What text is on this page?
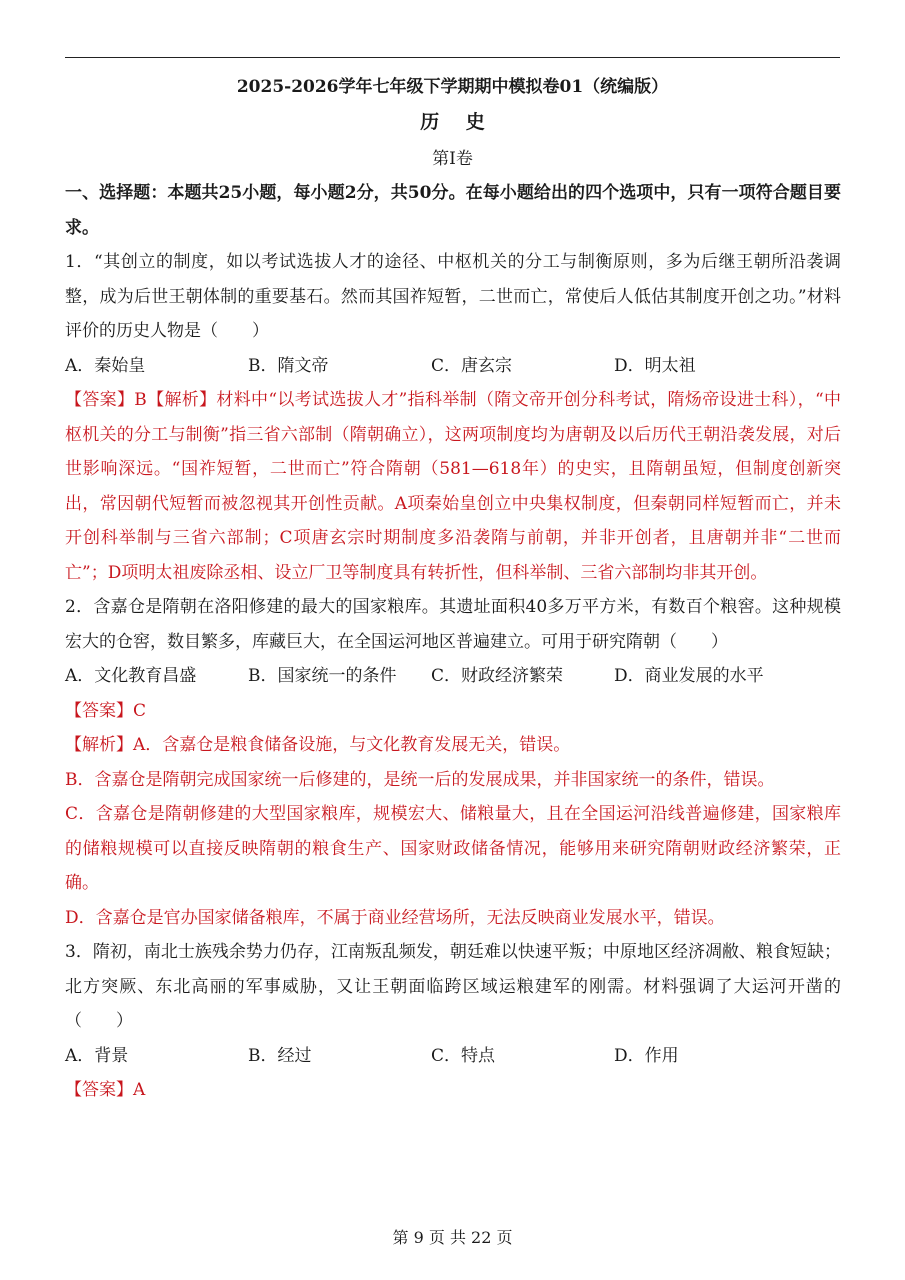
2025-2026学年七年级下学期期中模拟卷01（统编版）
历史
第Ⅰ卷

一、选择题：本题共25小题，每小题2分，共50分。在每小题给出的四个选项中，只有一项符合题目要求。

1．“其创立的制度，如以考试选拔人才的途径、中枢机关的分工与制衡原则，多为后继王朝所沿袭调整，成为后世王朝体制的重要基石。然而其国祚短暂，二世而亡，常使后人低估其制度开创之功。”材料评价的历史人物是（　　）

A．秦始皇	B．隋文帝	C．唐玄宗	D．明太祖

【答案】B【解析】材料中“以考试选拔人才”指科举制（隋文帝开创分科考试，隋炀帝设进士科），“中枢机关的分工与制衡”指三省六部制（隋朝确立），这两项制度均为唐朝及以后历代王朝沿袭发展，对后世影响深远。“国祚短暂，二世而亡”符合隋朝（581—618年）的史实，且隋朝虽短，但制度创新突出，常因朝代短暂而被忽视其开创性贡献。A项秦始皇创立中央集权制度，但秦朝同样短暂而亡，并未开创科举制与三省六部制；C项唐玄宗时期制度多沿袭隋与前朝，并非开创者，且唐朝并非“二世而亡”；D项明太祖废除丞相、设立厂卫等制度具有转折性，但科举制、三省六部制均非其开创。

2．含嘉仓是隋朝在洛阳修建的最大的国家粮库。其遗址面积40多万平方米，有数百个粮窖。这种规模宏大的仓窖，数目繁多，库藏巨大，在全国运河地区普遍建立。可用于研究隋朝（　　）

A．文化教育昌盛	B．国家统一的条件	C．财政经济繁荣	D．商业发展的水平

【答案】C

【解析】A．含嘉仓是粮食储备设施，与文化教育发展无关，错误。

B．含嘉仓是隋朝完成国家统一后修建的，是统一后的发展成果，并非国家统一的条件，错误。

C．含嘉仓是隋朝修建的大型国家粮库，规模宏大、储粮量大，且在全国运河沿线普遍修建，国家粮库的储粮规模可以直接反映隋朝的粮食生产、国家财政储备情况，能够用来研究隋朝财政经济繁荣，正确。

D．含嘉仓是官办国家储备粮库，不属于商业经营场所，无法反映商业发展水平，错误。

3．隋初，南北士族残余势力仍存，江南叛乱频发，朝廷难以快速平叛；中原地区经济凋敝、粮食短缺；北方突厥、东北高丽的军事威胁，又让王朝面临跨区域运粮建军的刚需。材料强调了大运河开凿的（　　）

A．背景	B．经过	C．特点	D．作用

【答案】A

第 9 页 共 22 页
